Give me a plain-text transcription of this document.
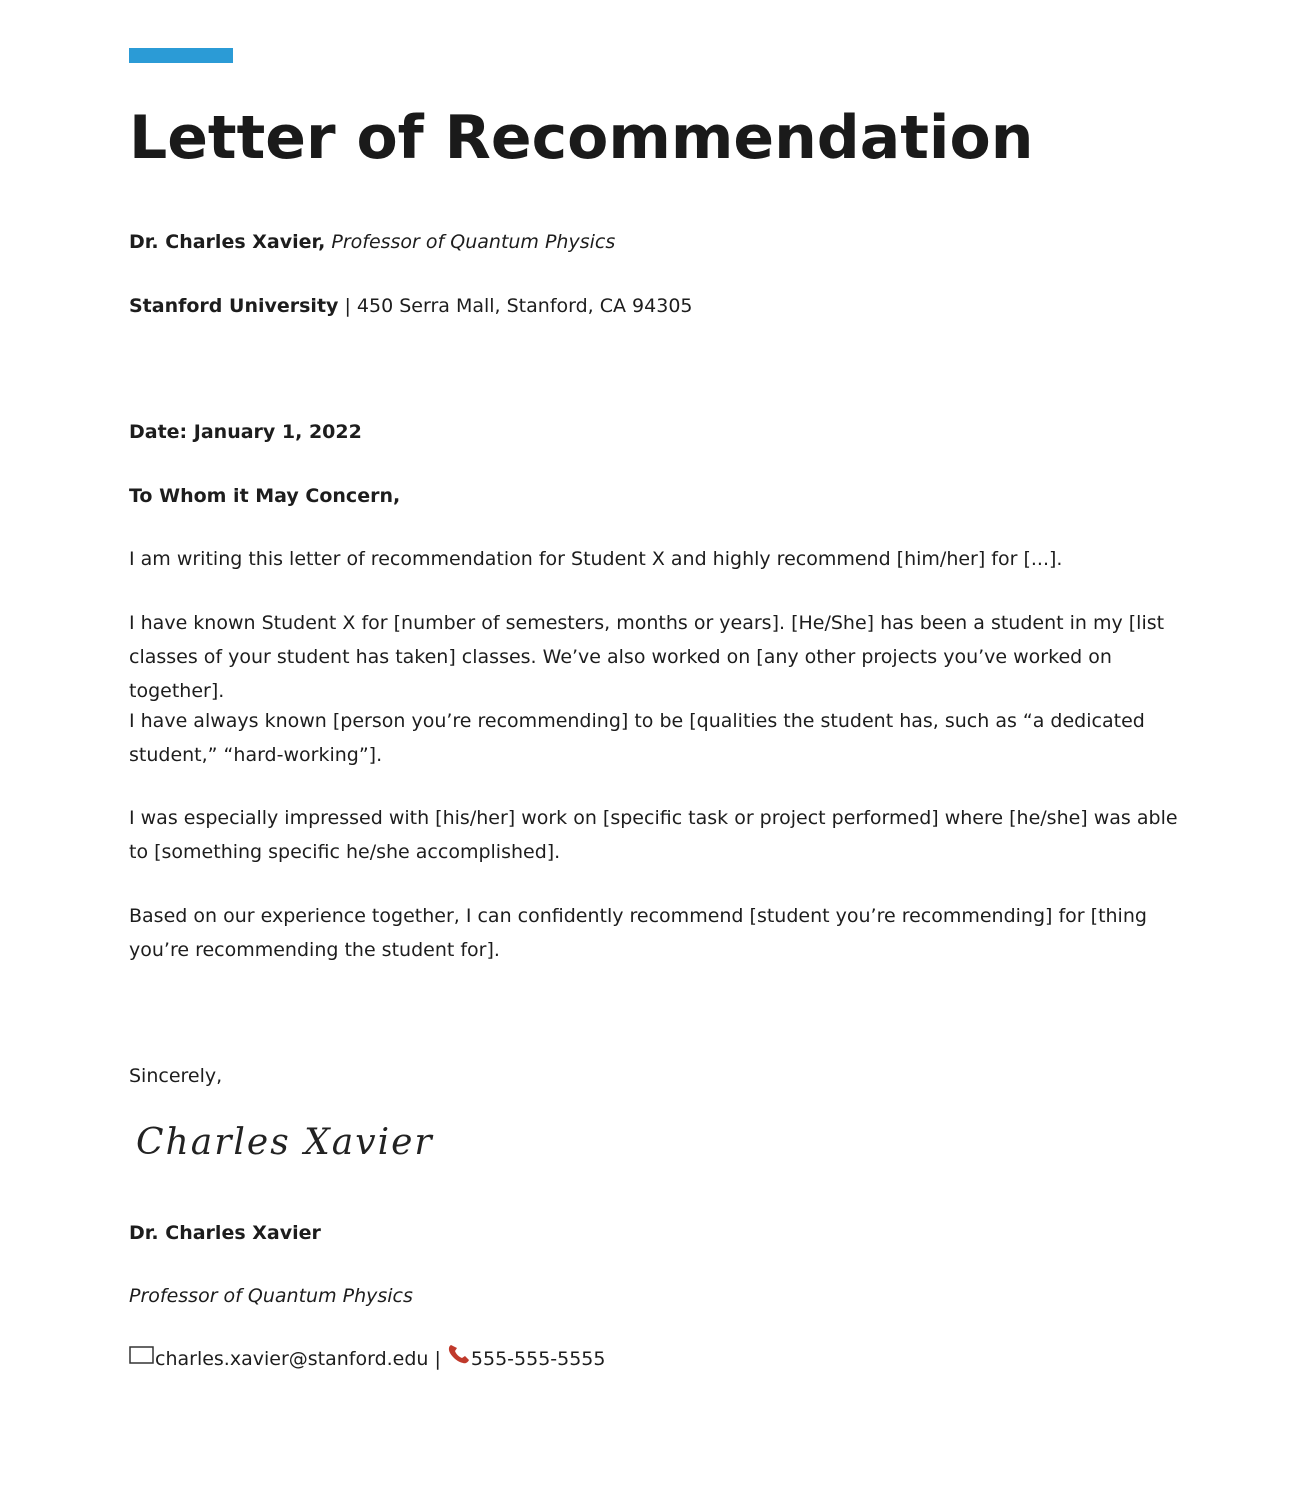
Letter of Recommendation
Dr. Charles Xavier, Professor of Quantum Physics
Stanford University | 450 Serra Mall, Stanford, CA 94305
Date: January 1, 2022
To Whom it May Concern,

I am writing this letter of recommendation for Student X and highly recommend [him/her] for [...].

I have known Student X for [number of semesters, months or years]. [He/She] has been a student in my [list classes of your student has taken] classes. We’ve also worked on [any other projects you’ve worked on together].

I have always known [person you’re recommending] to be [qualities the student has, such as “a dedicated student,” “hard-working”].

I was especially impressed with [his/her] work on [specific task or project performed] where [he/she] was able to [something specific he/she accomplished].

Based on our experience together, I can confidently recommend [student you’re recommending] for [thing you’re recommending the student for].

Sincerely,
Charles Xavier
Dr. Charles Xavier
Professor of Quantum Physics
charles.xavier@stanford.edu | 555-555-5555
